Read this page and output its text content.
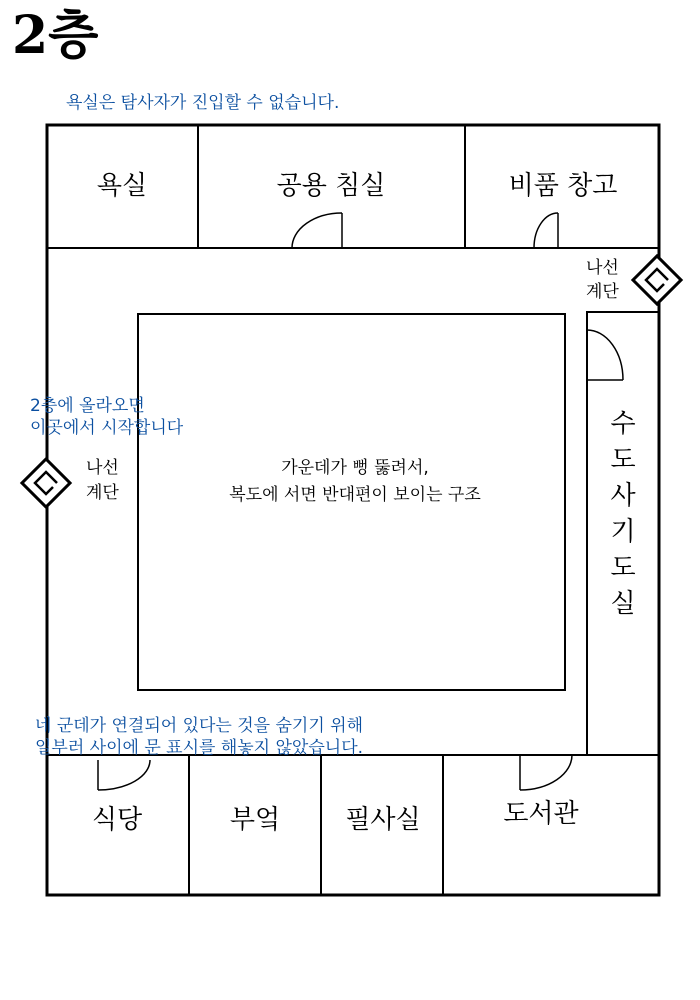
2층
욕실은 탐사자가 진입할 수 없습니다.
욕실	공용 침실	비품 창고
식당	부엌	필사실	도서관
수
도
사
기
도
실
나선
계단
나선
계단
가운데가 뻥 뚫려서,
복도에 서면 반대편이 보이는 구조
2층에 올라오면
이곳에서 시작합니다
네 군데가 연결되어 있다는 것을 숨기기 위해
일부러 사이에 문 표시를 해놓지 않았습니다.
